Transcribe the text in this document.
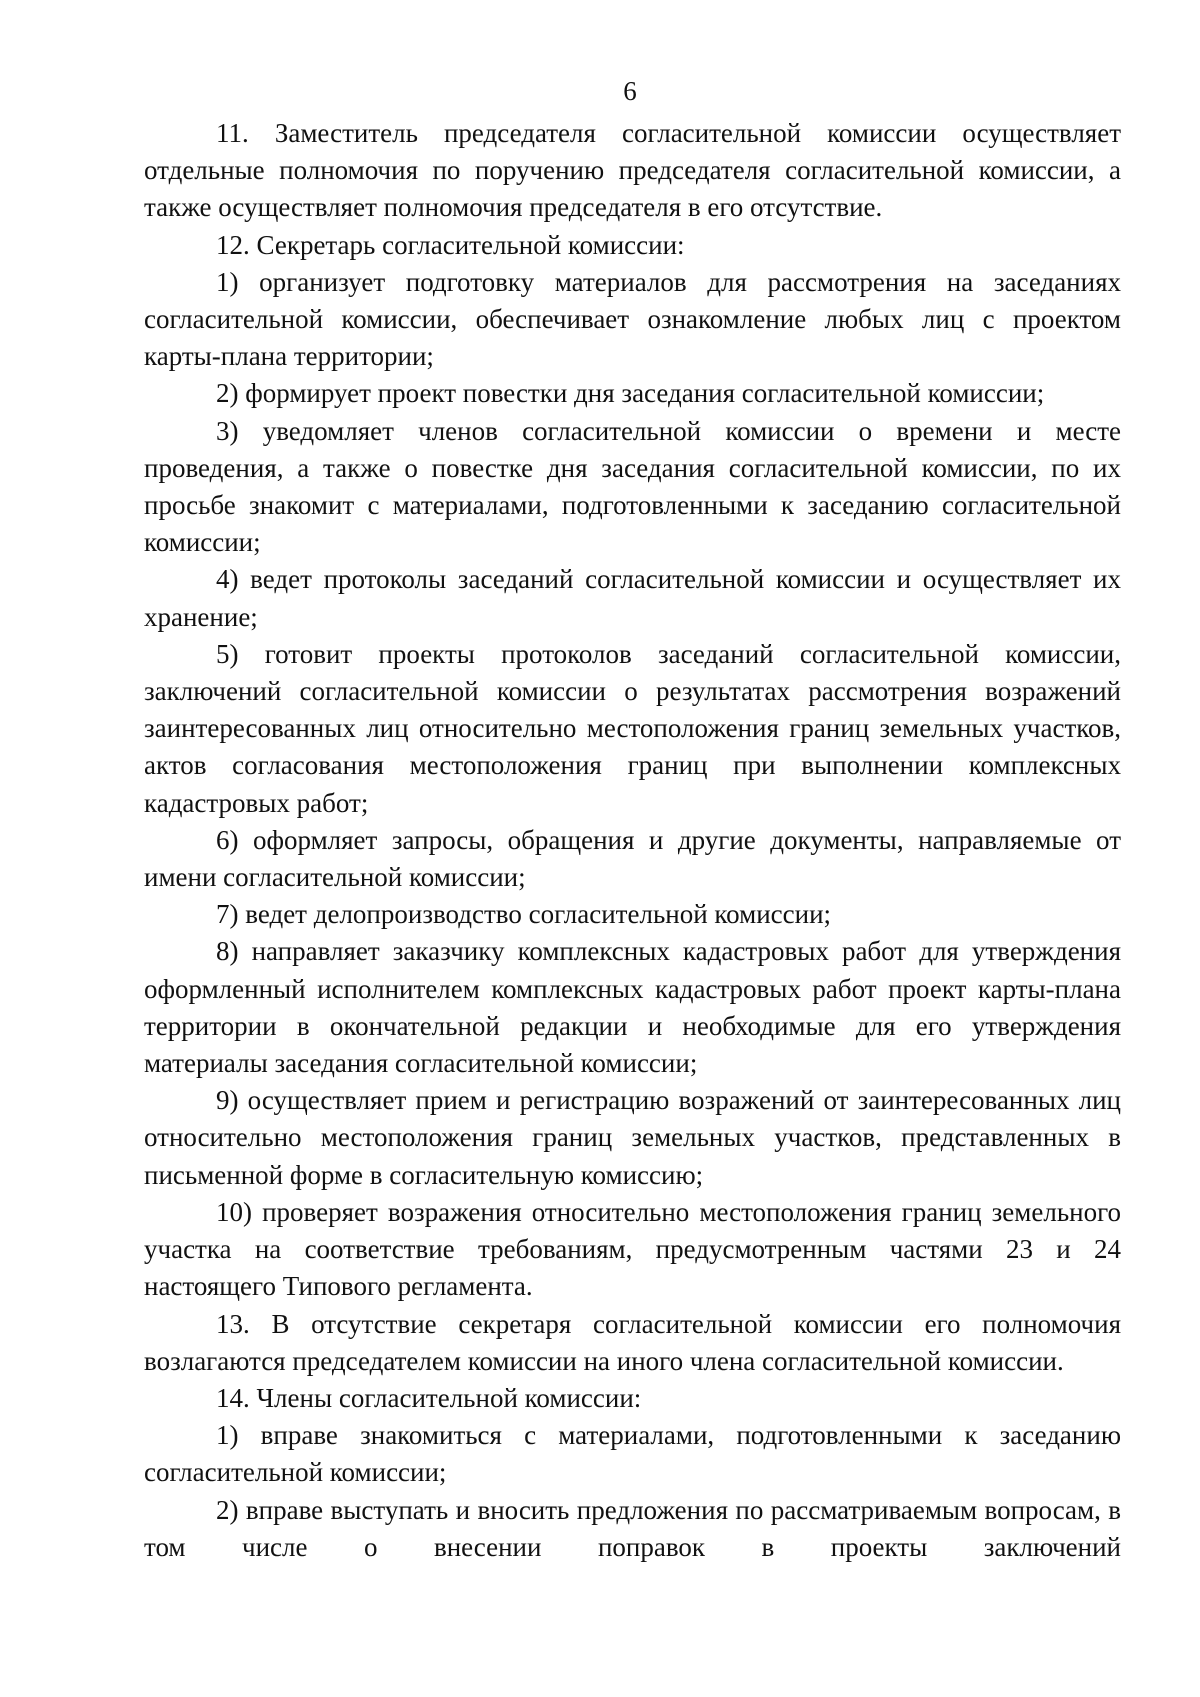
6

11. Заместитель председателя согласительной комиссии осуществляет отдельные полномочия по поручению председателя согласительной комиссии, а также осуществляет полномочия председателя в его отсутствие.

12. Секретарь согласительной комиссии:

1) организует подготовку материалов для рассмотрения на заседаниях согласительной комиссии, обеспечивает ознакомление любых лиц с проектом карты-плана территории;

2) формирует проект повестки дня заседания согласительной комиссии;

3) уведомляет членов согласительной комиссии о времени и месте проведения, а также о повестке дня заседания согласительной комиссии, по их просьбе знакомит с материалами, подготовленными к заседанию согласительной комиссии;

4) ведет протоколы заседаний согласительной комиссии и осуществляет их хранение;

5) готовит проекты протоколов заседаний согласительной комиссии, заключений согласительной комиссии о результатах рассмотрения возражений заинтересованных лиц относительно местоположения границ земельных участков, актов согласования местоположения границ при выполнении комплексных кадастровых работ;

6) оформляет запросы, обращения и другие документы, направляемые от имени согласительной комиссии;

7) ведет делопроизводство согласительной комиссии;

8) направляет заказчику комплексных кадастровых работ для утверждения оформленный исполнителем комплексных кадастровых работ проект карты-плана территории в окончательной редакции и необходимые для его утверждения материалы заседания согласительной комиссии;

9) осуществляет прием и регистрацию возражений от заинтересованных лиц относительно местоположения границ земельных участков, представленных в письменной форме в согласительную комиссию;

10) проверяет возражения относительно местоположения границ земельного участка на соответствие требованиям, предусмотренным частями 23 и 24 настоящего Типового регламента.

13. В отсутствие секретаря согласительной комиссии его полномочия возлагаются председателем комиссии на иного члена согласительной комиссии.

14. Члены согласительной комиссии:

1) вправе знакомиться с материалами, подготовленными к заседанию согласительной комиссии;

2) вправе выступать и вносить предложения по рассматриваемым вопросам, в том числе о внесении поправок в проекты заключений
